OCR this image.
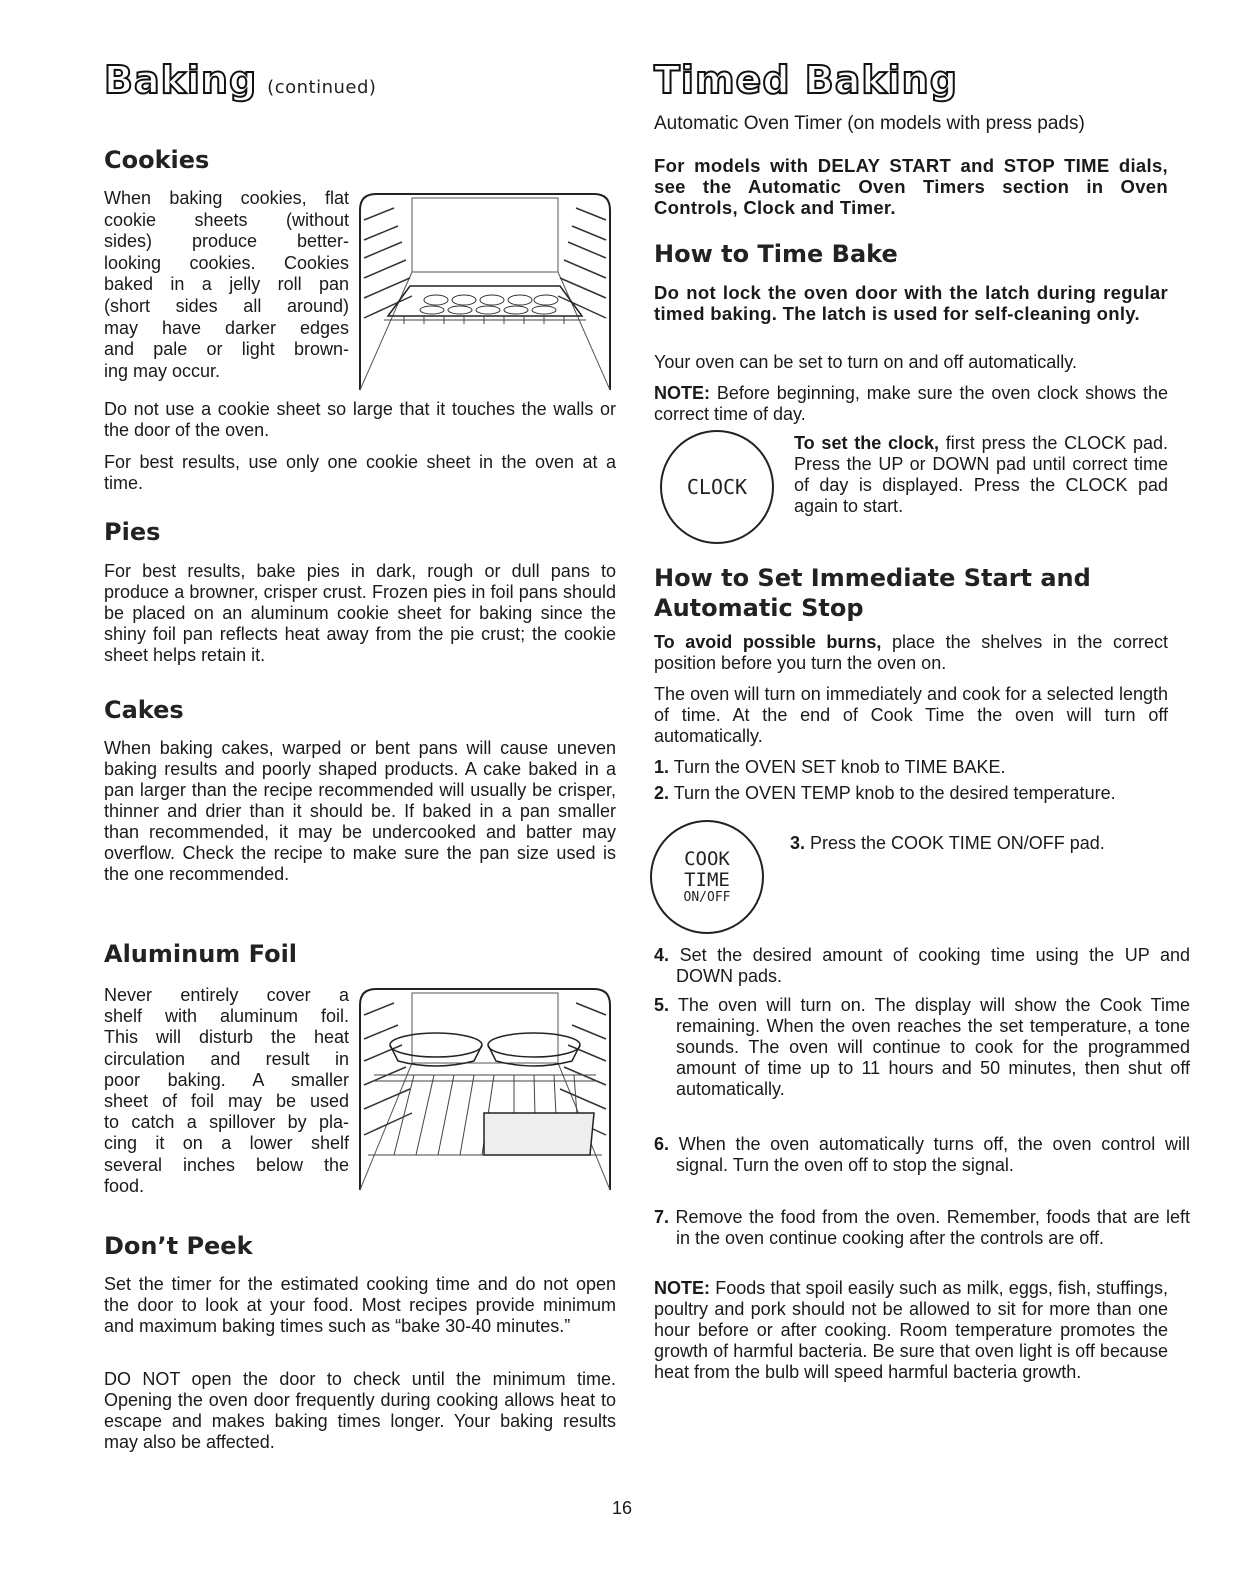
Baking (continued)
Cookies
When baking cookies, flat
cookie sheets (without
sides) produce better-
looking cookies. Cookies
baked in a jelly roll pan
(short sides all around)
may have darker edges
and pale or light brown-
ing may occur.

Do not use a cookie sheet so large that it touches the walls or the door of the oven.

For best results, use only one cookie sheet in the oven at a time.

Pies

For best results, bake pies in dark, rough or dull pans to produce a browner, crisper crust. Frozen pies in foil pans should be placed on an aluminum cookie sheet for baking since the shiny foil pan reflects heat away from the pie crust; the cookie sheet helps retain it.

Cakes

When baking cakes, warped or bent pans will cause uneven baking results and poorly shaped products. A cake baked in a pan larger than the recipe recommended will usually be crisper, thinner and drier than it should be. If baked in a pan smaller than recommended, it may be undercooked and batter may overflow. Check the recipe to make sure the pan size used is the one recommended.

Aluminum Foil
Never entirely cover a
shelf with aluminum foil.
This will disturb the heat
circulation and result in
poor baking. A smaller
sheet of foil may be used
to catch a spillover by pla-
cing it on a lower shelf
several inches below the
food.
Don’t Peek

Set the timer for the estimated cooking time and do not open the door to look at your food. Most recipes provide minimum and maximum baking times such as “bake 30-40 minutes.”

DO NOT open the door to check until the minimum time. Opening the oven door frequently during cooking allows heat to escape and makes baking times longer. Your baking results may also be affected.

Timed Baking

Automatic Oven Timer (on models with press pads)

For models with DELAY START and STOP TIME dials, see the Automatic Oven Timers section in Oven Controls, Clock and Timer.

How to Time Bake

Do not lock the oven door with the latch during regular timed baking. The latch is used for self-cleaning only.

Your oven can be set to turn on and off automatically.

NOTE: Before beginning, make sure the oven clock shows the correct time of day.

CLOCK

To set the clock, first press the CLOCK pad. Press the UP or DOWN pad until correct time of day is displayed. Press the CLOCK pad again to start.

How to Set Immediate Start and
Automatic Stop

To avoid possible burns, place the shelves in the correct position before you turn the oven on.

The oven will turn on immediately and cook for a selected length of time. At the end of Cook Time the oven will turn off automatically.

1. Turn the OVEN SET knob to TIME BAKE.

2. Turn the OVEN TEMP knob to the desired temperature.

COOK
TIME
ON/OFF

3. Press the COOK TIME ON/OFF pad.

4. Set the desired amount of cooking time using the UP and DOWN pads.

5. The oven will turn on. The display will show the Cook Time remaining. When the oven reaches the set temperature, a tone sounds. The oven will continue to cook for the programmed amount of time up to 11 hours and 50 minutes, then shut off automatically.

6. When the oven automatically turns off, the oven control will signal. Turn the oven off to stop the signal.

7. Remove the food from the oven. Remember, foods that are left in the oven continue cooking after the controls are off.

NOTE: Foods that spoil easily such as milk, eggs, fish, stuffings, poultry and pork should not be allowed to sit for more than one hour before or after cooking. Room temperature promotes the growth of harmful bacteria. Be sure that oven light is off because heat from the bulb will speed harmful bacteria growth.

16
